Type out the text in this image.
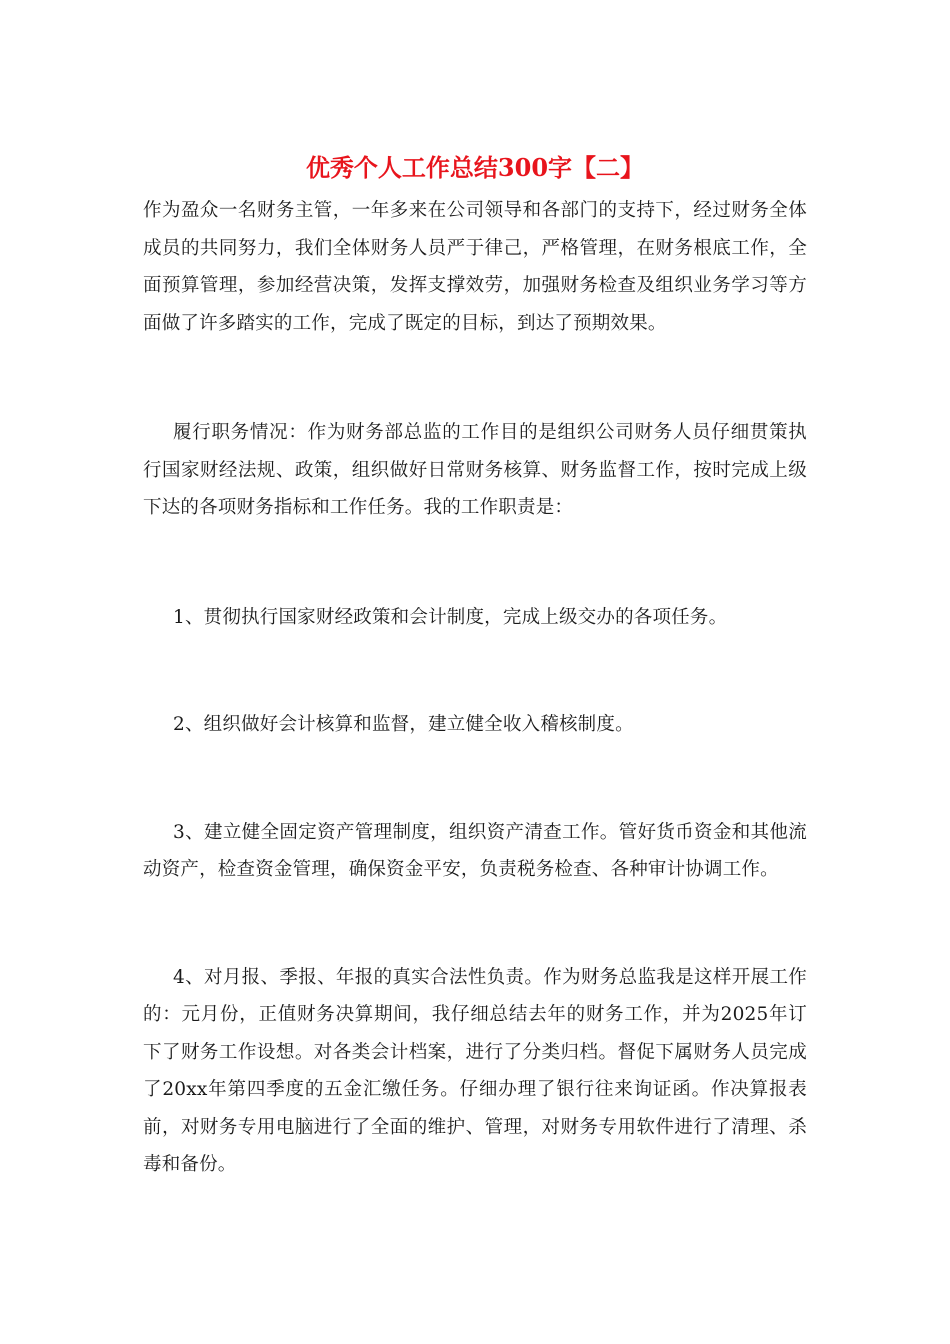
优秀个人工作总结300字【二】

作为盈众一名财务主管，一年多来在公司领导和各部门的支持下，经过财务全体成员的共同努力，我们全体财务人员严于律己，严格管理，在财务根底工作，全面预算管理，参加经营决策，发挥支撑效劳，加强财务检查及组织业务学习等方面做了许多踏实的工作，完成了既定的目标，到达了预期效果。

履行职务情况：作为财务部总监的工作目的是组织公司财务人员仔细贯策执行国家财经法规、政策，组织做好日常财务核算、财务监督工作，按时完成上级下达的各项财务指标和工作任务。我的工作职责是：

1、贯彻执行国家财经政策和会计制度，完成上级交办的各项任务。

2、组织做好会计核算和监督，建立健全收入稽核制度。

3、建立健全固定资产管理制度，组织资产清查工作。管好货币资金和其他流动资产，检查资金管理，确保资金平安，负责税务检查、各种审计协调工作。

4、对月报、季报、年报的真实合法性负责。作为财务总监我是这样开展工作的：元月份，正值财务决算期间，我仔细总结去年的财务工作，并为2025年订下了财务工作设想。对各类会计档案，进行了分类归档。督促下属财务人员完成了20xx年第四季度的五金汇缴任务。仔细办理了银行往来询证函。作决算报表前，对财务专用电脑进行了全面的维护、管理，对财务专用软件进行了清理、杀毒和备份。
